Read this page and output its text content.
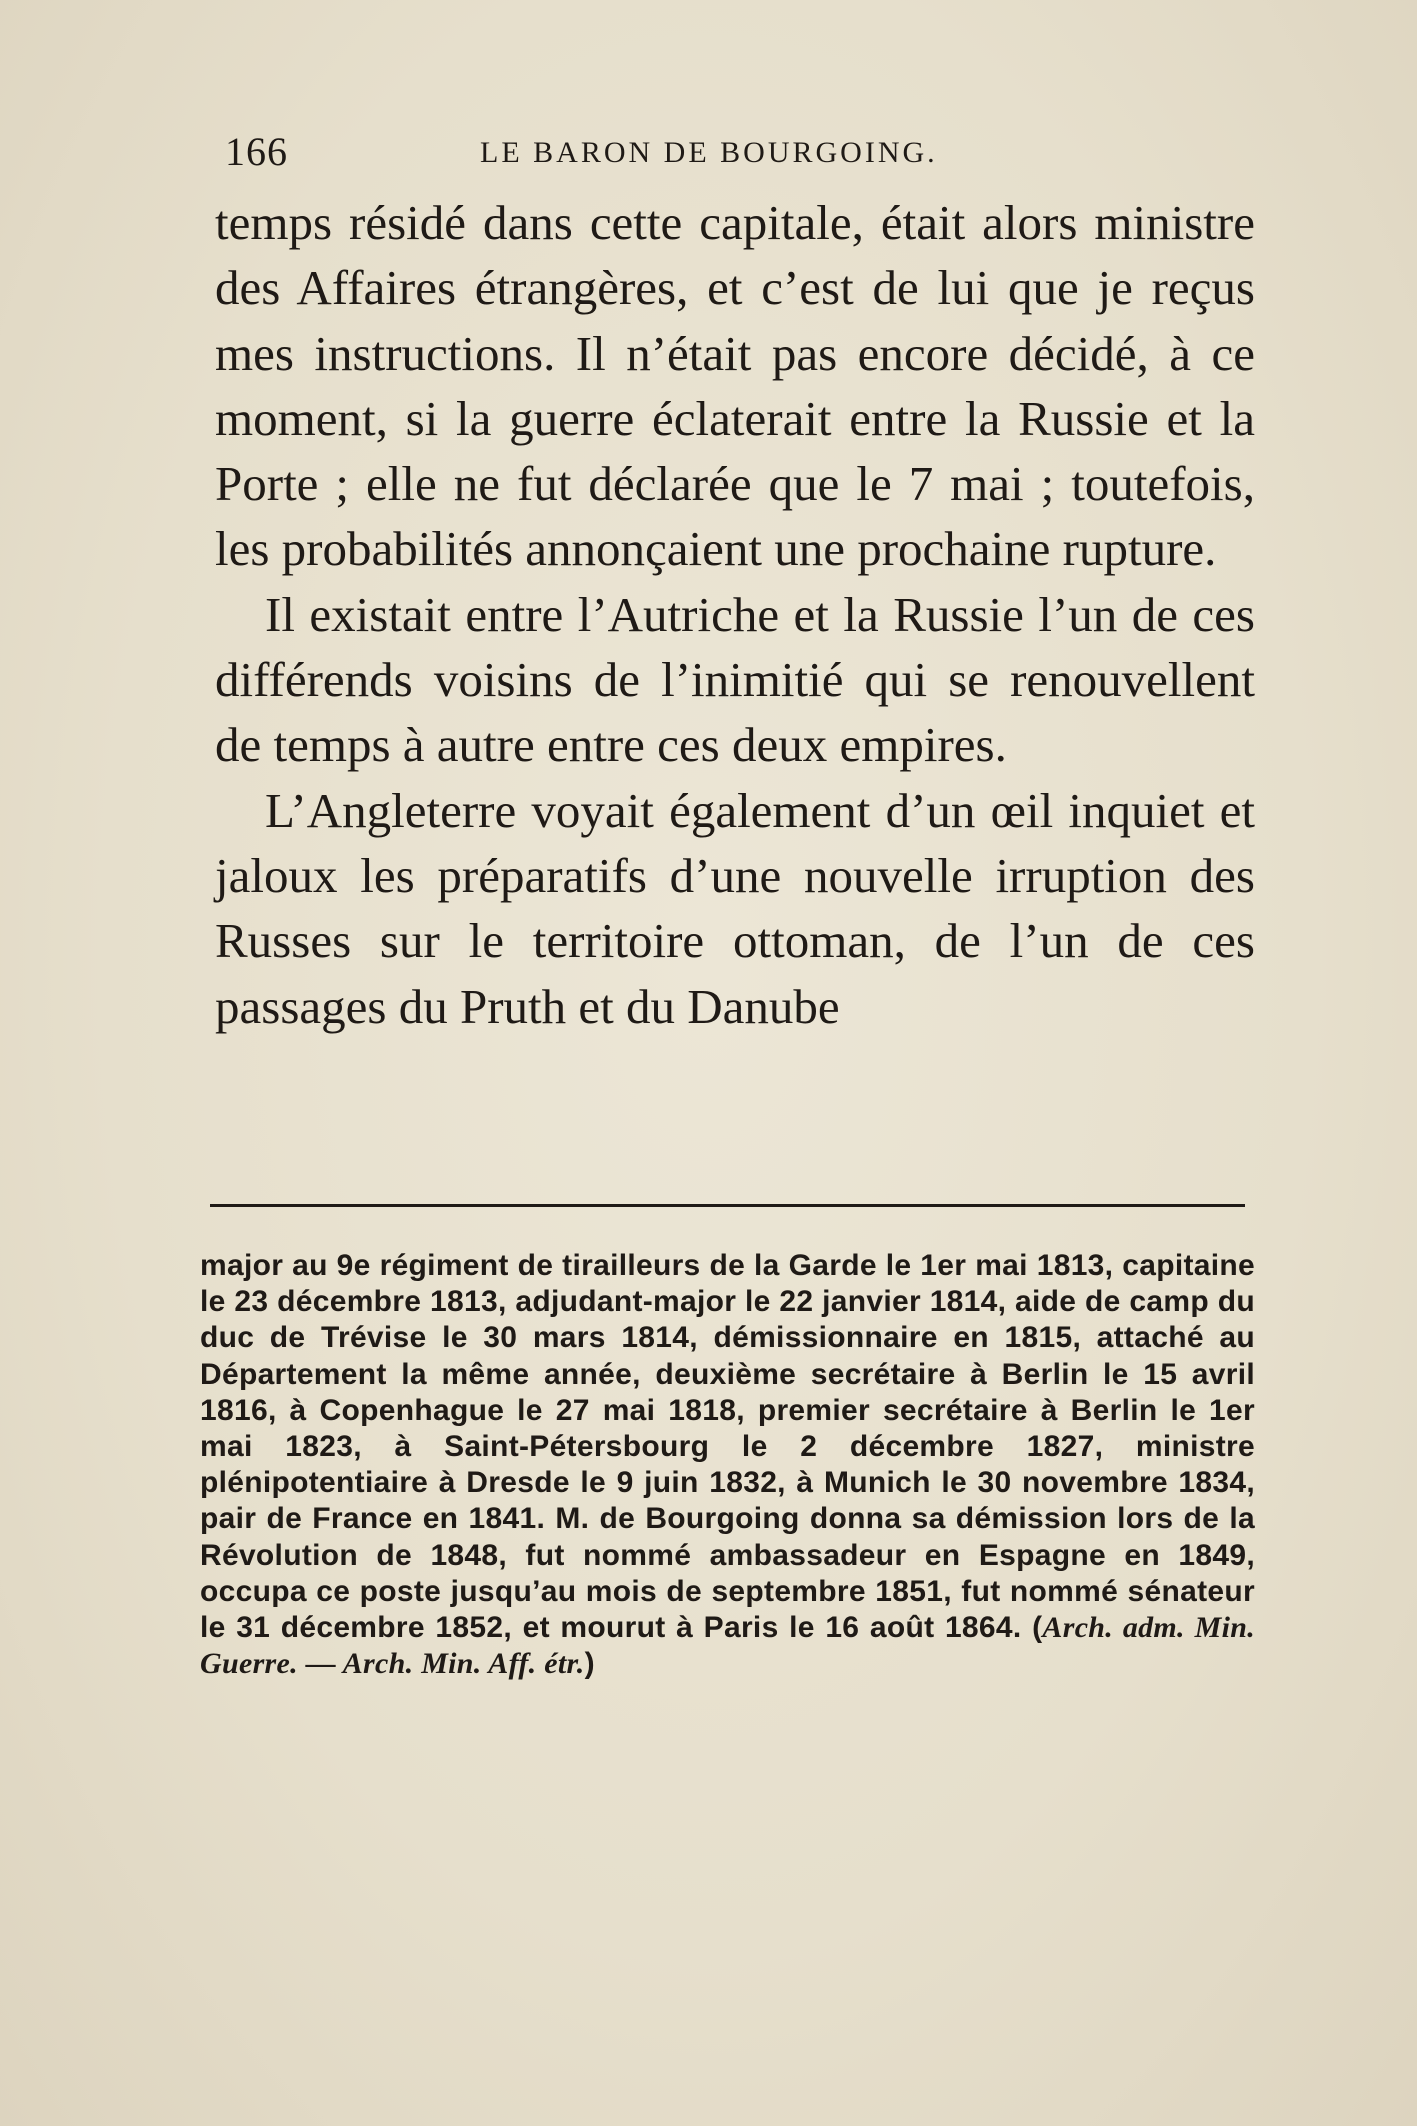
166	LE BARON DE BOURGOING.

temps résidé dans cette capitale, était alors ministre des Affaires étrangères, et c’est de lui que je reçus mes instructions. Il n’était pas encore décidé, à ce moment, si la guerre éclaterait entre la Russie et la Porte ; elle ne fut déclarée que le 7 mai ; toutefois, les probabilités annonçaient une prochaine rupture.

Il existait entre l’Autriche et la Russie l’un de ces différends voisins de l’inimitié qui se renouvellent de temps à autre entre ces deux empires.

L’Angleterre voyait également d’un œil inquiet et jaloux les préparatifs d’une nouvelle irruption des Russes sur le territoire ottoman, de l’un de ces passages du Pruth et du Danube

major au 9e régiment de tirailleurs de la Garde le 1er mai 1813, capitaine le 23 décembre 1813, adjudant-major le 22 janvier 1814, aide de camp du duc de Trévise le 30 mars 1814, démissionnaire en 1815, attaché au Département la même année, deuxième secrétaire à Berlin le 15 avril 1816, à Copenhague le 27 mai 1818, premier secrétaire à Berlin le 1er mai 1823, à Saint-Pétersbourg le 2 décembre 1827, ministre plénipotentiaire à Dresde le 9 juin 1832, à Munich le 30 novembre 1834, pair de France en 1841. M. de Bourgoing donna sa démission lors de la Révolution de 1848, fut nommé ambassadeur en Espagne en 1849, occupa ce poste jusqu’au mois de septembre 1851, fut nommé sénateur le 31 décembre 1852, et mourut à Paris le 16 août 1864. (Arch. adm. Min. Guerre. — Arch. Min. Aff. étr.)
